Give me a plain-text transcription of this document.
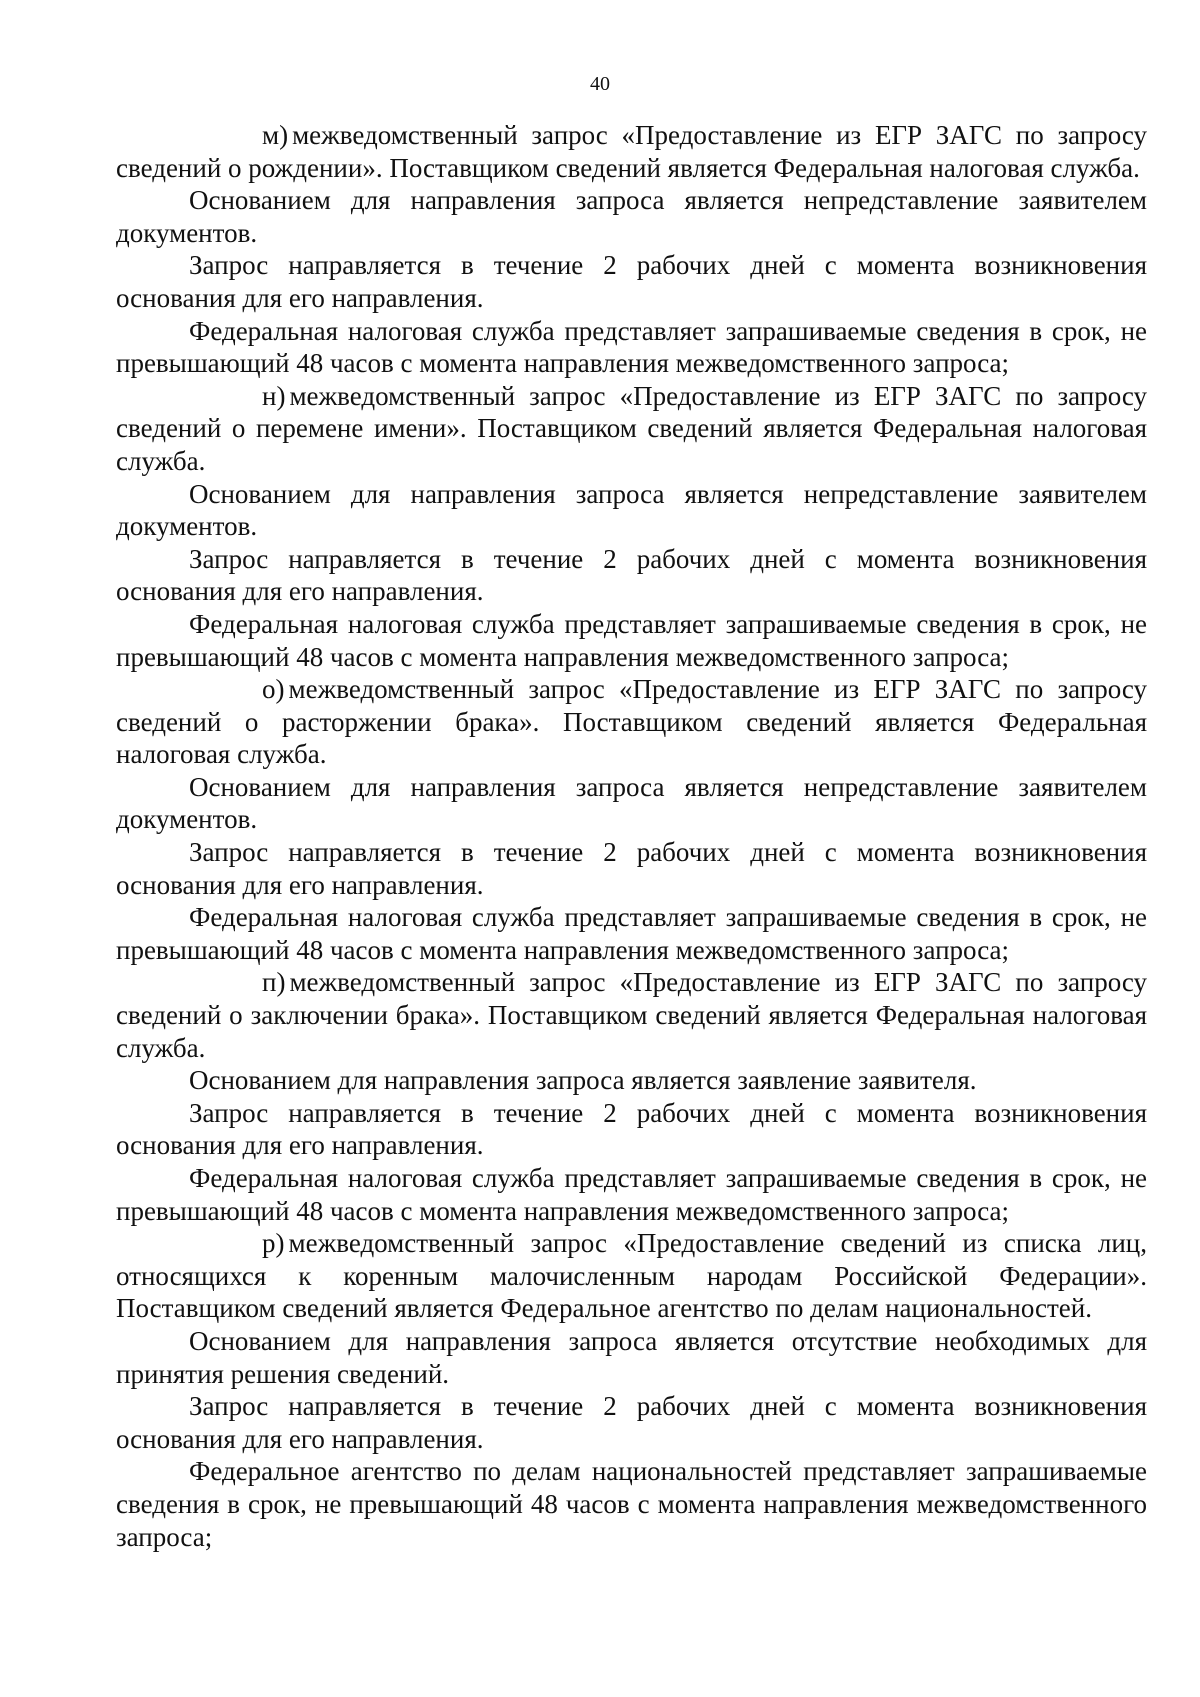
40

м) межведомственный запрос «Предоставление из ЕГР ЗАГС по запросу сведений о рождении». Поставщиком сведений является Федеральная налоговая служба.

Основанием для направления запроса является непредставление заявителем документов.

Запрос направляется в течение 2 рабочих дней с момента возникновения основания для его направления.

Федеральная налоговая служба представляет запрашиваемые сведения в срок, не превышающий 48 часов с момента направления межведомственного запроса;

н) межведомственный запрос «Предоставление из ЕГР ЗАГС по запросу сведений о перемене имени». Поставщиком сведений является Федеральная налоговая служба.

Основанием для направления запроса является непредставление заявителем документов.

Запрос направляется в течение 2 рабочих дней с момента возникновения основания для его направления.

Федеральная налоговая служба представляет запрашиваемые сведения в срок, не превышающий 48 часов с момента направления межведомственного запроса;

о) межведомственный запрос «Предоставление из ЕГР ЗАГС по запросу сведений о расторжении брака». Поставщиком сведений является Федеральная налоговая служба.

Основанием для направления запроса является непредставление заявителем документов.

Запрос направляется в течение 2 рабочих дней с момента возникновения основания для его направления.

Федеральная налоговая служба представляет запрашиваемые сведения в срок, не превышающий 48 часов с момента направления межведомственного запроса;

п) межведомственный запрос «Предоставление из ЕГР ЗАГС по запросу сведений о заключении брака». Поставщиком сведений является Федеральная налоговая служба.

Основанием для направления запроса является заявление заявителя.

Запрос направляется в течение 2 рабочих дней с момента возникновения основания для его направления.

Федеральная налоговая служба представляет запрашиваемые сведения в срок, не превышающий 48 часов с момента направления межведомственного запроса;

р) межведомственный запрос «Предоставление сведений из списка лиц, относящихся к коренным малочисленным народам Российской Федерации». Поставщиком сведений является Федеральное агентство по делам национальностей.

Основанием для направления запроса является отсутствие необходимых для принятия решения сведений.

Запрос направляется в течение 2 рабочих дней с момента возникновения основания для его направления.

Федеральное агентство по делам национальностей представляет запрашиваемые сведения в срок, не превышающий 48 часов с момента направления межведомственного запроса;
